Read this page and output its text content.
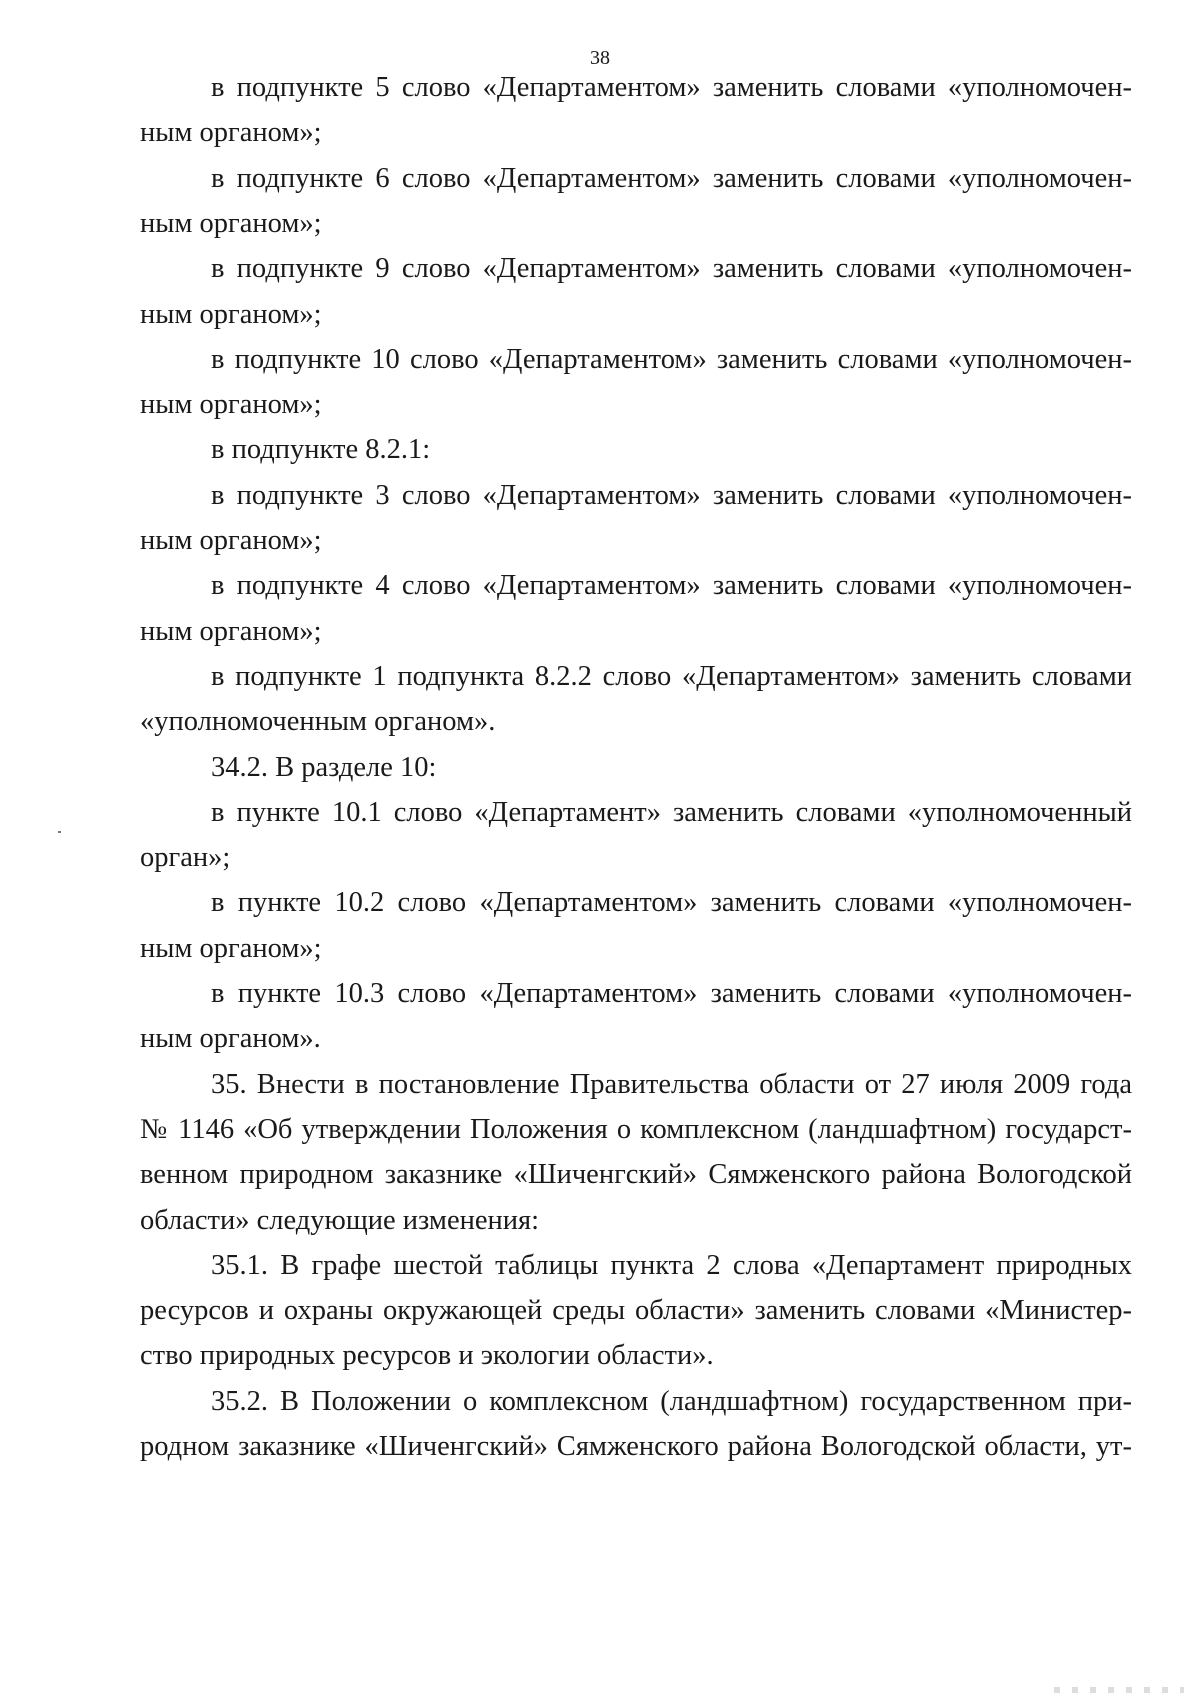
38
в подпункте 5 слово «Департаментом» заменить словами «уполномочен-
ным органом»;
в подпункте 6 слово «Департаментом» заменить словами «уполномочен-
ным органом»;
в подпункте 9 слово «Департаментом» заменить словами «уполномочен-
ным органом»;
в подпункте 10 слово «Департаментом» заменить словами «уполномочен-
ным органом»;
в подпункте 8.2.1:
в подпункте 3 слово «Департаментом» заменить словами «уполномочен-
ным органом»;
в подпункте 4 слово «Департаментом» заменить словами «уполномочен-
ным органом»;
в подпункте 1 подпункта 8.2.2 слово «Департаментом» заменить словами
«уполномоченным органом».
34.2. В разделе 10:
в пункте 10.1 слово «Департамент» заменить словами «уполномоченный
орган»;
в пункте 10.2 слово «Департаментом» заменить словами «уполномочен-
ным органом»;
в пункте 10.3 слово «Департаментом» заменить словами «уполномочен-
ным органом».
35. Внести в постановление Правительства области от 27 июля 2009 года
№ 1146 «Об утверждении Положения о комплексном (ландшафтном) государст-
венном природном заказнике «Шиченгский» Сямженского района Вологодской
области» следующие изменения:
35.1. В графе шестой таблицы пункта 2 слова «Департамент природных
ресурсов и охраны окружающей среды области» заменить словами «Министер-
ство природных ресурсов и экологии области».
35.2. В Положении о комплексном (ландшафтном) государственном при-
родном заказнике «Шиченгский» Сямженского района Вологодской области, ут-
